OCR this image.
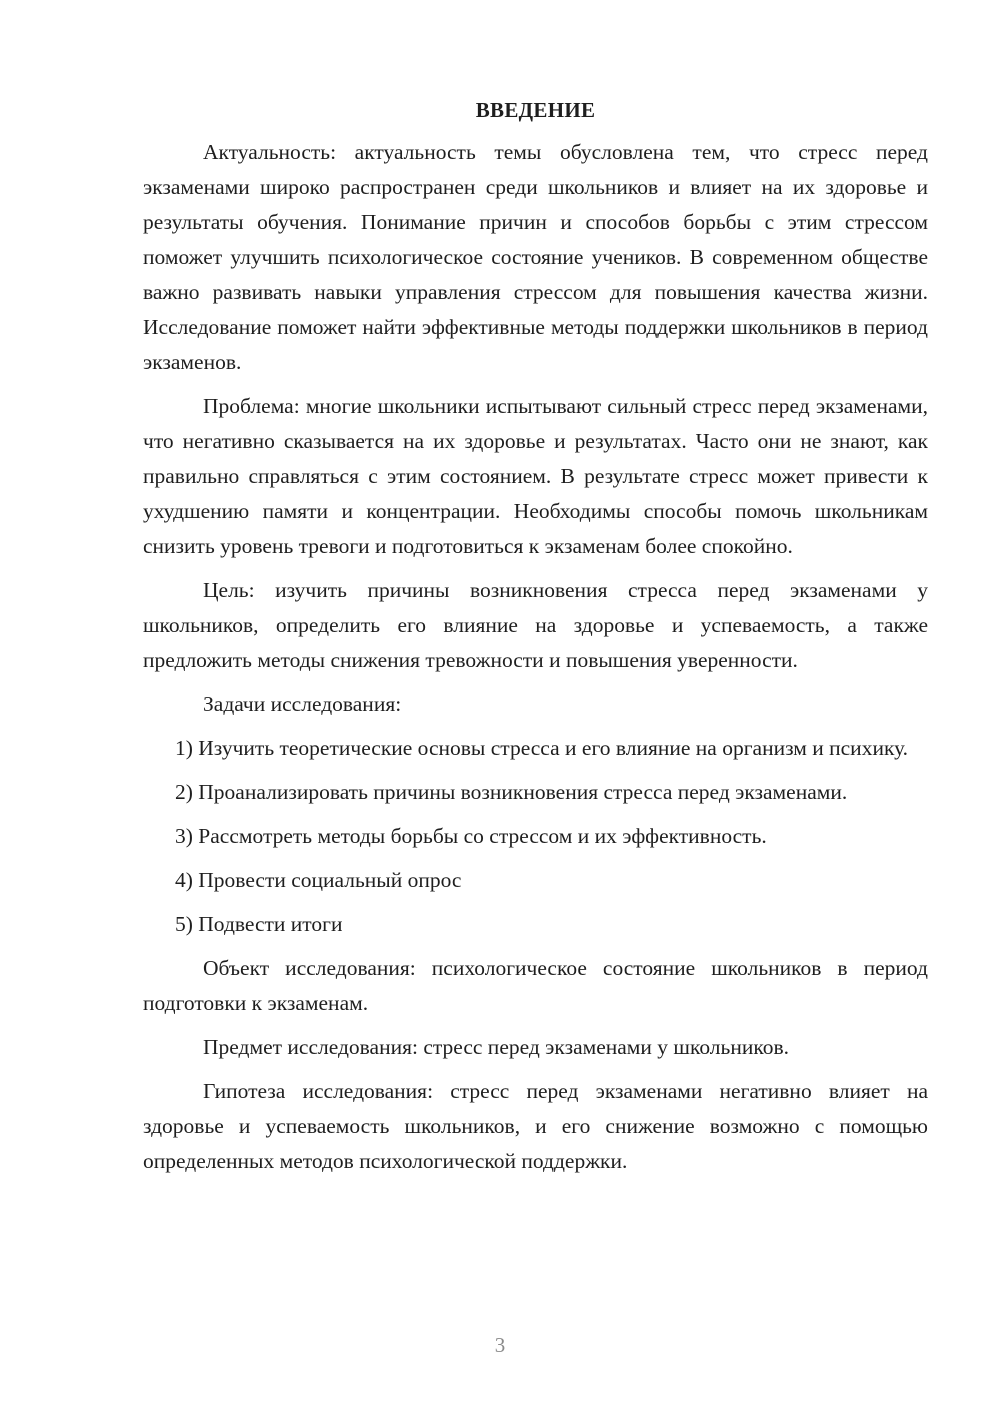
ВВЕДЕНИЕ

Актуальность: актуальность темы обусловлена тем, что стресс перед экзаменами широко распространен среди школьников и влияет на их здоровье и результаты обучения. Понимание причин и способов борьбы с этим стрессом поможет улучшить психологическое состояние учеников. В современном обществе важно развивать навыки управления стрессом для повышения качества жизни. Исследование поможет найти эффективные методы поддержки школьников в период экзаменов.

Проблема: многие школьники испытывают сильный стресс перед экзаменами, что негативно сказывается на их здоровье и результатах. Часто они не знают, как правильно справляться с этим состоянием. В результате стресс может привести к ухудшению памяти и концентрации. Необходимы способы помочь школьникам снизить уровень тревоги и подготовиться к экзаменам более спокойно.

Цель: изучить причины возникновения стресса перед экзаменами у школьников, определить его влияние на здоровье и успеваемость, а также предложить методы снижения тревожности и повышения уверенности.

Задачи исследования:

1) Изучить теоретические основы стресса и его влияние на организм и психику.

2) Проанализировать причины возникновения стресса перед экзаменами.

3) Рассмотреть методы борьбы со стрессом и их эффективность.

4) Провести социальный опрос

5) Подвести итоги

Объект исследования: психологическое состояние школьников в период подготовки к экзаменам.

Предмет исследования: стресс перед экзаменами у школьников.

Гипотеза исследования: стресс перед экзаменами негативно влияет на здоровье и успеваемость школьников, и его снижение возможно с помощью определенных методов психологической поддержки.

3
